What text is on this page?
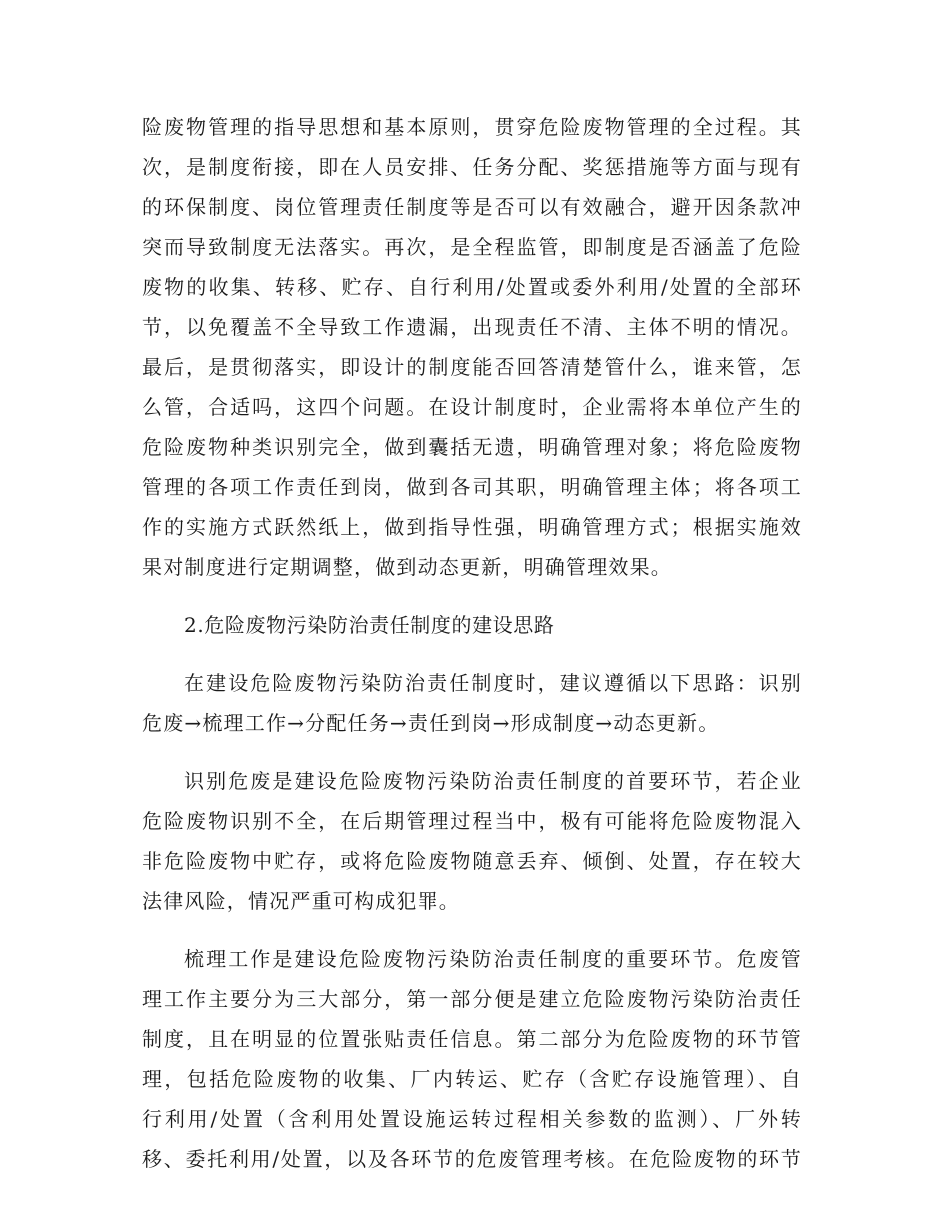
险废物管理的指导思想和基本原则，贯穿危险废物管理的全过程。其
次，是制度衔接，即在人员安排、任务分配、奖惩措施等方面与现有
的环保制度、岗位管理责任制度等是否可以有效融合，避开因条款冲
突而导致制度无法落实。再次，是全程监管，即制度是否涵盖了危险
废物的收集、转移、贮存、自行利用/处置或委外利用/处置的全部环
节，以免覆盖不全导致工作遗漏，出现责任不清、主体不明的情况。
最后，是贯彻落实，即设计的制度能否回答清楚管什么，谁来管，怎
么管，合适吗，这四个问题。在设计制度时，企业需将本单位产生的
危险废物种类识别完全，做到囊括无遗，明确管理对象；将危险废物
管理的各项工作责任到岗，做到各司其职，明确管理主体；将各项工
作的实施方式跃然纸上，做到指导性强，明确管理方式；根据实施效
果对制度进行定期调整，做到动态更新，明确管理效果。
2.危险废物污染防治责任制度的建设思路
在建设危险废物污染防治责任制度时，建议遵循以下思路：识别
危废→梳理工作→分配任务→责任到岗→形成制度→动态更新。
识别危废是建设危险废物污染防治责任制度的首要环节，若企业
危险废物识别不全，在后期管理过程当中，极有可能将危险废物混入
非危险废物中贮存，或将危险废物随意丢弃、倾倒、处置，存在较大
法律风险，情况严重可构成犯罪。
梳理工作是建设危险废物污染防治责任制度的重要环节。危废管
理工作主要分为三大部分，第一部分便是建立危险废物污染防治责任
制度，且在明显的位置张贴责任信息。第二部分为危险废物的环节管
理，包括危险废物的收集、厂内转运、贮存（含贮存设施管理）、自
行利用/处置（含利用处置设施运转过程相关参数的监测）、厂外转
移、委托利用/处置，以及各环节的危废管理考核。在危险废物的环节
